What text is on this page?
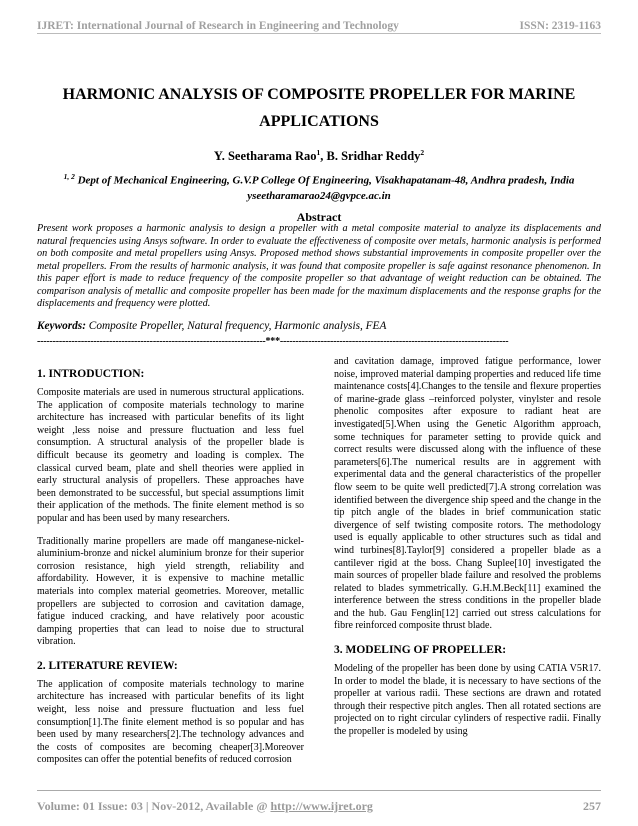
IJRET: International Journal of Research in Engineering and Technology	ISSN: 2319-1163
HARMONIC ANALYSIS OF COMPOSITE PROPELLER FOR MARINE
APPLICATIONS
Y. Seetharama Rao$^1$, B. Sridhar Reddy$^2$
$^{1, 2}$ Dept of Mechanical Engineering, G.V.P College Of Engineering, Visakhapatanam-48, Andhra pradesh, India
yseetharamarao24@gvpce.ac.in
Abstract
Present work proposes a harmonic analysis to design a propeller with a metal composite material to analyze its displacements and natural frequencies using Ansys software. In order to evaluate the effectiveness of composite over metals, harmonic analysis is performed on both composite and metal propellers using Ansys. Proposed method shows substantial improvements in composite propeller over the metal propellers. From the results of harmonic analysis, it was found that composite propeller is safe against resonance phenomenon. In this paper effort is made to reduce frequency of the composite propeller so that advantage of weight reduction can be obtained. The comparison analysis of metallic and composite propeller has been made for the maximum displacements and the response graphs for the displacements and frequency were plotted.
Keywords: Composite Propeller, Natural frequency, Harmonic analysis, FEA
-------------------------------------------------------------------------***-------------------------------------------------------------------------
1. INTRODUCTION:

Composite materials are used in numerous structural applications. The application of composite materials technology to marine architecture has increased with particular benefits of its light weight ,less noise and pressure fluctuation and less fuel consumption. A structural analysis of the propeller blade is difficult because its geometry and loading is complex. The classical curved beam, plate and shell theories were applied in early structural analysis of propellers. These approaches have been demonstrated to be successful, but special assumptions limit their application of the methods. The finite element method is so popular and has been used by many researchers.

Traditionally marine propellers are made off manganese-nickel-aluminium-bronze and nickel aluminium bronze for their superior corrosion resistance, high yield strength, reliability and affordability. However, it is expensive to machine metallic materials into complex material geometries. Moreover, metallic propellers are subjected to corrosion and cavitation damage, fatigue induced cracking, and have relatively poor acoustic damping properties that can lead to noise due to structural vibration.

2. LITERATURE REVIEW:

The application of composite materials technology to marine architecture has increased with particular benefits of its light weight, less noise and pressure fluctuation and less fuel consumption[1].The finite element method is so popular and has been used by many researchers[2].The technology advances and the costs of composites are becoming cheaper[3].Moreover composites can offer the potential benefits of reduced corrosion

and cavitation damage, improved fatigue performance, lower noise, improved material damping properties and reduced life time maintenance costs[4].Changes to the tensile and flexure properties of marine-grade glass –reinforced polyster, vinylster and resole phenolic composites after exposure to radiant heat are investigated[5].When using the Genetic Algorithm approach, some techniques for parameter setting to provide quick and correct results were discussed along with the influence of these parameters[6].The numerical results are in aggrement with experimental data and the general characteristics of the propeller flow seem to be quite well predicted[7].A strong correlation was identified between the divergence ship speed and the change in the tip pitch angle of the blades in brief communication static divergence of self twisting composite rotors. The methodology used is equally applicable to other structures such as tidal and wind turbines[8].Taylor[9] considered a propeller blade as a cantilever rigid at the boss. Chang Suplee[10] investigated the main sources of propeller blade failure and resolved the problems related to blades symmetrically. G.H.M.Beck[11] examined the interference between the stress conditions in the propeller blade and the hub. Gau Fenglin[12] carried out stress calculations for fibre reinforced composite thrust blade.

3. MODELING OF PROPELLER:

Modeling of the propeller has been done by using CATIA V5R17. In order to model the blade, it is necessary to have sections of the propeller at various radii. These sections are drawn and rotated through their respective pitch angles. Then all rotated sections are projected on to right circular cylinders of respective radii. Finally the propeller is modeled by using

Volume: 01 Issue: 03 | Nov-2012, Available @ http://www.ijret.org	257
